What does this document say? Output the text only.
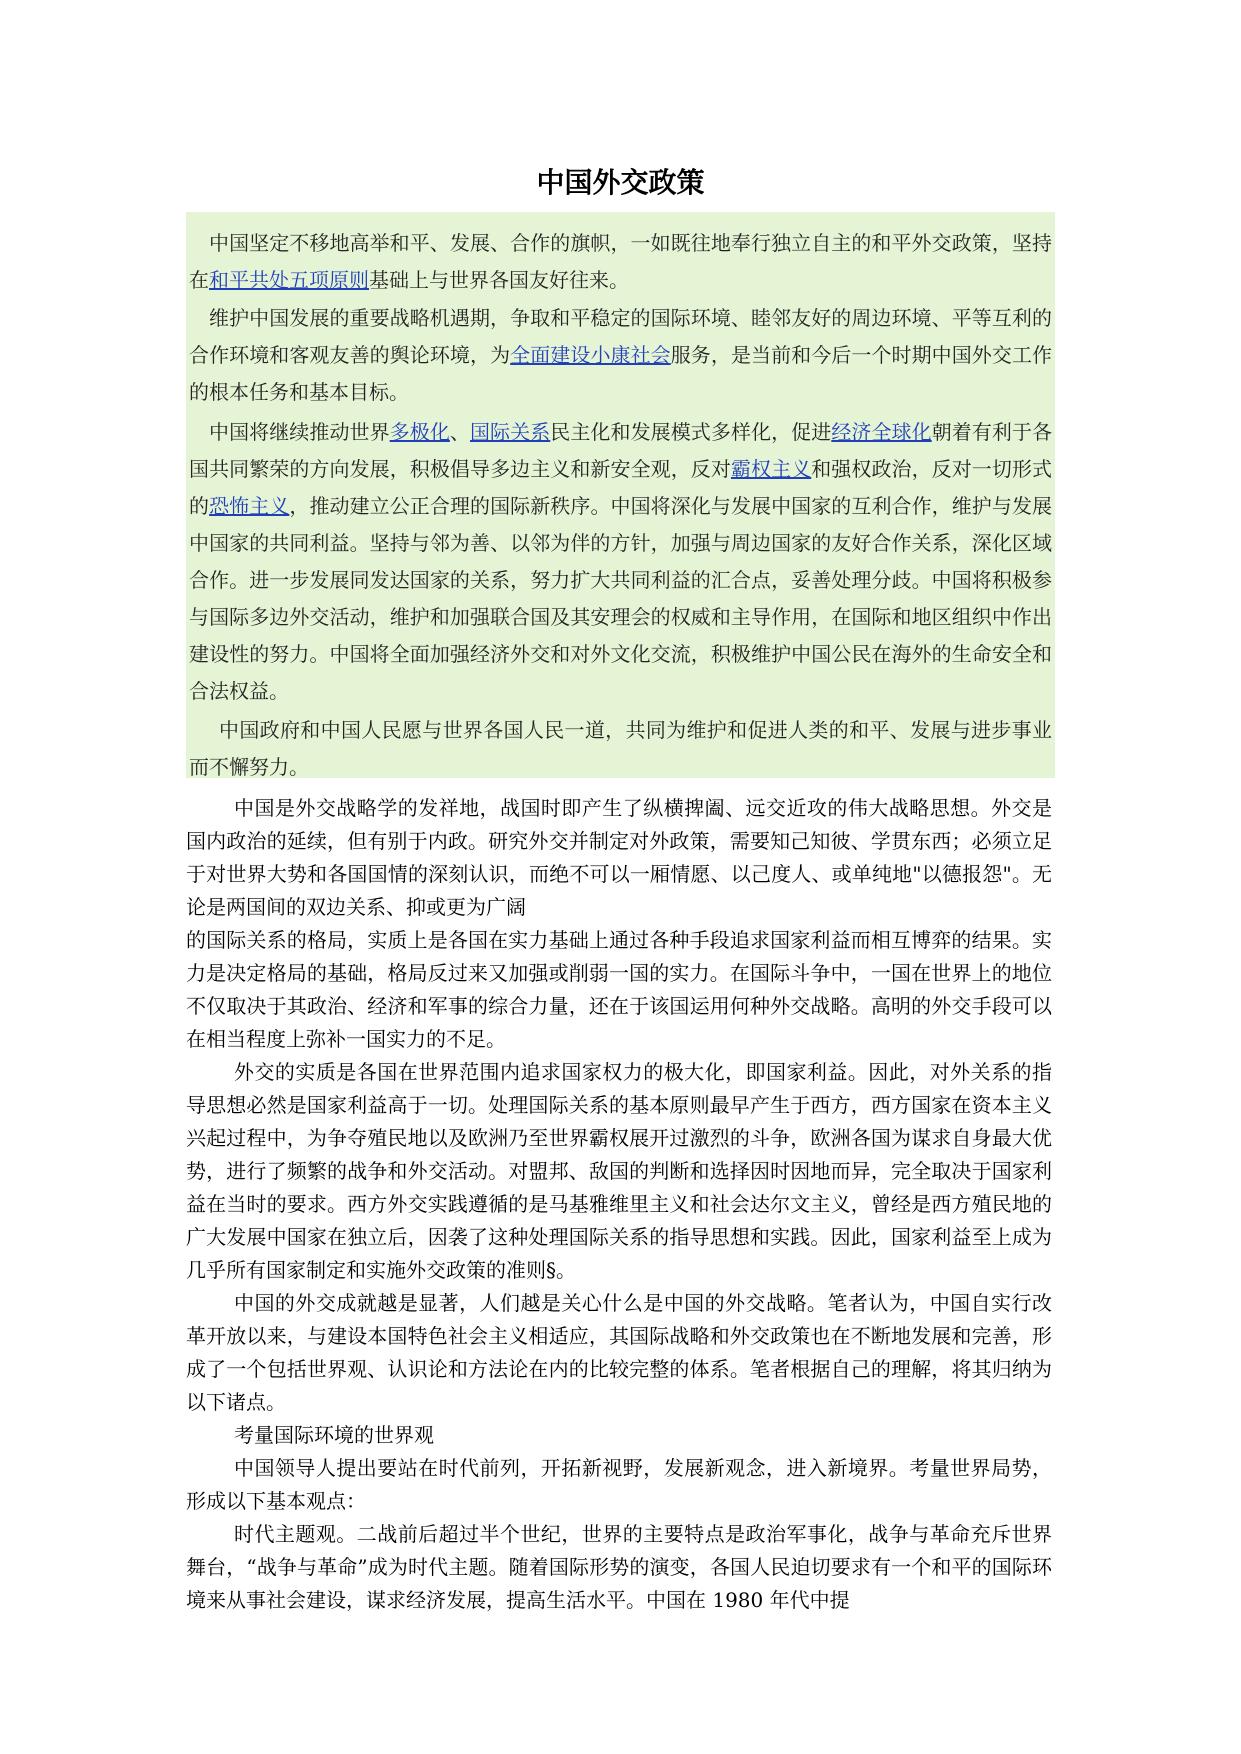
中国外交政策

中国坚定不移地高举和平、发展、合作的旗帜，一如既往地奉行独立自主的和平外交政策，坚持在和平共处五项原则基础上与世界各国友好往来。

维护中国发展的重要战略机遇期，争取和平稳定的国际环境、睦邻友好的周边环境、平等互利的合作环境和客观友善的舆论环境，为全面建设小康社会服务，是当前和今后一个时期中国外交工作的根本任务和基本目标。

中国将继续推动世界多极化、国际关系民主化和发展模式多样化，促进经济全球化朝着有利于各国共同繁荣的方向发展，积极倡导多边主义和新安全观，反对霸权主义和强权政治，反对一切形式的恐怖主义，推动建立公正合理的国际新秩序。中国将深化与发展中国家的互利合作，维护与发展中国家的共同利益。坚持与邻为善、以邻为伴的方针，加强与周边国家的友好合作关系，深化区域合作。进一步发展同发达国家的关系，努力扩大共同利益的汇合点，妥善处理分歧。中国将积极参与国际多边外交活动，维护和加强联合国及其安理会的权威和主导作用，在国际和地区组织中作出建设性的努力。中国将全面加强经济外交和对外文化交流，积极维护中国公民在海外的生命安全和合法权益。

中国政府和中国人民愿与世界各国人民一道，共同为维护和促进人类的和平、发展与进步事业而不懈努力。

中国是外交战略学的发祥地，战国时即产生了纵横捭阖、远交近攻的伟大战略思想。外交是国内政治的延续，但有别于内政。研究外交并制定对外政策，需要知己知彼、学贯东西；必须立足于对世界大势和各国国情的深刻认识，而绝不可以一厢情愿、以己度人、或单纯地"以德报怨"。无论是两国间的双边关系、抑或更为广阔

的国际关系的格局，实质上是各国在实力基础上通过各种手段追求国家利益而相互博弈的结果。实力是决定格局的基础，格局反过来又加强或削弱一国的实力。在国际斗争中，一国在世界上的地位不仅取决于其政治、经济和军事的综合力量，还在于该国运用何种外交战略。高明的外交手段可以在相当程度上弥补一国实力的不足。

外交的实质是各国在世界范围内追求国家权力的极大化，即国家利益。因此，对外关系的指导思想必然是国家利益高于一切。处理国际关系的基本原则最早产生于西方，西方国家在资本主义兴起过程中，为争夺殖民地以及欧洲乃至世界霸权展开过激烈的斗争，欧洲各国为谋求自身最大优势，进行了频繁的战争和外交活动。对盟邦、敌国的判断和选择因时因地而异，完全取决于国家利益在当时的要求。西方外交实践遵循的是马基雅维里主义和社会达尔文主义，曾经是西方殖民地的广大发展中国家在独立后，因袭了这种处理国际关系的指导思想和实践。因此，国家利益至上成为几乎所有国家制定和实施外交政策的准则§。

中国的外交成就越是显著，人们越是关心什么是中国的外交战略。笔者认为，中国自实行改革开放以来，与建设本国特色社会主义相适应，其国际战略和外交政策也在不断地发展和完善，形成了一个包括世界观、认识论和方法论在内的比较完整的体系。笔者根据自己的理解，将其归纳为以下诸点。

考量国际环境的世界观

中国领导人提出要站在时代前列，开拓新视野，发展新观念，进入新境界。考量世界局势，形成以下基本观点：

时代主题观。二战前后超过半个世纪，世界的主要特点是政治军事化，战争与革命充斥世界舞台，“战争与革命”成为时代主题。随着国际形势的演变，各国人民迫切要求有一个和平的国际环境来从事社会建设，谋求经济发展，提高生活水平。中国在 1980 年代中提
